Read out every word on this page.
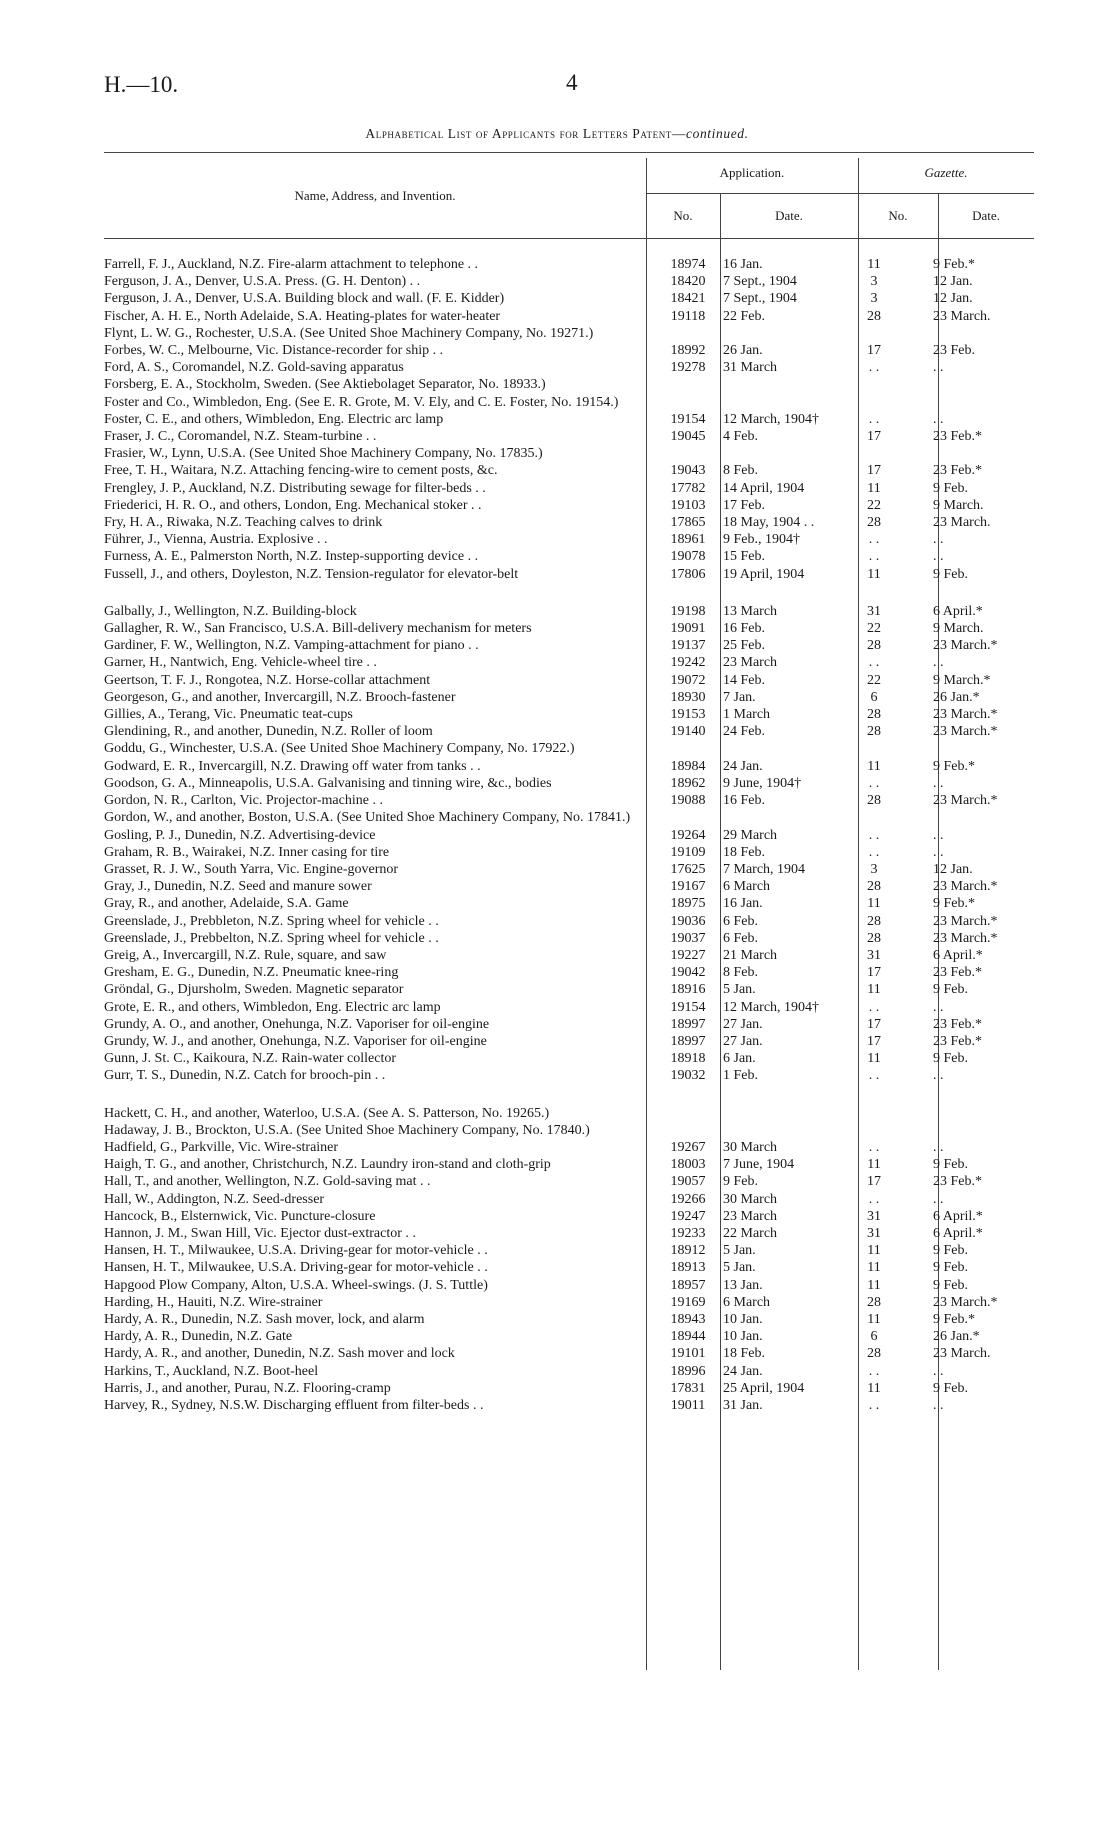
H.—10.	4
Alphabetical List of Applicants for Letters Patent—continued.
Name, Address, and Invention.
Application.	Gazette.
No.	Date.	No.	Date.
Farrell, F. J., Auckland, N.Z. Fire-alarm attachment to telephone . .	18974	16 Jan.	11	9 Feb.*
Ferguson, J. A., Denver, U.S.A. Press. (G. H. Denton) . .	18420	7 Sept., 1904	3	12 Jan.
Ferguson, J. A., Denver, U.S.A. Building block and wall. (F. E. Kidder)	18421	7 Sept., 1904	3	12 Jan.
Fischer, A. H. E., North Adelaide, S.A. Heating-plates for water-heater	19118	22 Feb.	28	23 March.
Flynt, L. W. G., Rochester, U.S.A. (See United Shoe Machinery Company, No. 19271.)
Forbes, W. C., Melbourne, Vic. Distance-recorder for ship . .	18992	26 Jan.	17	23 Feb.
Ford, A. S., Coromandel, N.Z. Gold-saving apparatus	19278	31 March	. .	. .
Forsberg, E. A., Stockholm, Sweden. (See Aktiebolaget Separator, No. 18933.)
Foster and Co., Wimbledon, Eng. (See E. R. Grote, M. V. Ely, and C. E. Foster, No. 19154.)
Foster, C. E., and others, Wimbledon, Eng. Electric arc lamp	19154	12 March, 1904†	. .	. .
Fraser, J. C., Coromandel, N.Z. Steam-turbine . .	19045	4 Feb.	17	23 Feb.*
Frasier, W., Lynn, U.S.A. (See United Shoe Machinery Company, No. 17835.)
Free, T. H., Waitara, N.Z. Attaching fencing-wire to cement posts, &c.	19043	8 Feb.	17	23 Feb.*
Frengley, J. P., Auckland, N.Z. Distributing sewage for filter-beds . .	17782	14 April, 1904	11	9 Feb.
Friederici, H. R. O., and others, London, Eng. Mechanical stoker . .	19103	17 Feb.	22	9 March.
Fry, H. A., Riwaka, N.Z. Teaching calves to drink	17865	18 May, 1904 . .	28	23 March.
Führer, J., Vienna, Austria. Explosive . .	18961	9 Feb., 1904†	. .	. .
Furness, A. E., Palmerston North, N.Z. Instep-supporting device . .	19078	15 Feb.	. .	. .
Fussell, J., and others, Doyleston, N.Z. Tension-regulator for elevator-belt	17806	19 April, 1904	11	9 Feb.
Galbally, J., Wellington, N.Z. Building-block	19198	13 March	31	6 April.*
Gallagher, R. W., San Francisco, U.S.A. Bill-delivery mechanism for meters	19091	16 Feb.	22	9 March.
Gardiner, F. W., Wellington, N.Z. Vamping-attachment for piano . .	19137	25 Feb.	28	23 March.*
Garner, H., Nantwich, Eng. Vehicle-wheel tire . .	19242	23 March	. .	. .
Geertson, T. F. J., Rongotea, N.Z. Horse-collar attachment	19072	14 Feb.	22	9 March.*
Georgeson, G., and another, Invercargill, N.Z. Brooch-fastener	18930	7 Jan.	6	26 Jan.*
Gillies, A., Terang, Vic. Pneumatic teat-cups	19153	1 March	28	23 March.*
Glendining, R., and another, Dunedin, N.Z. Roller of loom	19140	24 Feb.	28	23 March.*
Goddu, G., Winchester, U.S.A. (See United Shoe Machinery Company, No. 17922.)
Godward, E. R., Invercargill, N.Z. Drawing off water from tanks . .	18984	24 Jan.	11	9 Feb.*
Goodson, G. A., Minneapolis, U.S.A. Galvanising and tinning wire, &c., bodies	18962	9 June, 1904†	. .	. .
Gordon, N. R., Carlton, Vic. Projector-machine . .	19088	16 Feb.	28	23 March.*
Gordon, W., and another, Boston, U.S.A. (See United Shoe Machinery Company, No. 17841.)
Gosling, P. J., Dunedin, N.Z. Advertising-device	19264	29 March	. .	. .
Graham, R. B., Wairakei, N.Z. Inner casing for tire	19109	18 Feb.	. .	. .
Grasset, R. J. W., South Yarra, Vic. Engine-governor	17625	7 March, 1904	3	12 Jan.
Gray, J., Dunedin, N.Z. Seed and manure sower	19167	6 March	28	23 March.*
Gray, R., and another, Adelaide, S.A. Game	18975	16 Jan.	11	9 Feb.*
Greenslade, J., Prebbleton, N.Z. Spring wheel for vehicle . .	19036	6 Feb.	28	23 March.*
Greenslade, J., Prebbelton, N.Z. Spring wheel for vehicle . .	19037	6 Feb.	28	23 March.*
Greig, A., Invercargill, N.Z. Rule, square, and saw	19227	21 March	31	6 April.*
Gresham, E. G., Dunedin, N.Z. Pneumatic knee-ring	19042	8 Feb.	17	23 Feb.*
Gröndal, G., Djursholm, Sweden. Magnetic separator	18916	5 Jan.	11	9 Feb.
Grote, E. R., and others, Wimbledon, Eng. Electric arc lamp	19154	12 March, 1904†	. .	. .
Grundy, A. O., and another, Onehunga, N.Z. Vaporiser for oil-engine	18997	27 Jan.	17	23 Feb.*
Grundy, W. J., and another, Onehunga, N.Z. Vaporiser for oil-engine	18997	27 Jan.	17	23 Feb.*
Gunn, J. St. C., Kaikoura, N.Z. Rain-water collector	18918	6 Jan.	11	9 Feb.
Gurr, T. S., Dunedin, N.Z. Catch for brooch-pin . .	19032	1 Feb.	. .	. .
Hackett, C. H., and another, Waterloo, U.S.A. (See A. S. Patterson, No. 19265.)
Hadaway, J. B., Brockton, U.S.A. (See United Shoe Machinery Company, No. 17840.)
Hadfield, G., Parkville, Vic. Wire-strainer	19267	30 March	. .	. .
Haigh, T. G., and another, Christchurch, N.Z. Laundry iron-stand and cloth-grip	18003	7 June, 1904	11	9 Feb.
Hall, T., and another, Wellington, N.Z. Gold-saving mat . .	19057	9 Feb.	17	23 Feb.*
Hall, W., Addington, N.Z. Seed-dresser	19266	30 March	. .	. .
Hancock, B., Elsternwick, Vic. Puncture-closure	19247	23 March	31	6 April.*
Hannon, J. M., Swan Hill, Vic. Ejector dust-extractor . .	19233	22 March	31	6 April.*
Hansen, H. T., Milwaukee, U.S.A. Driving-gear for motor-vehicle . .	18912	5 Jan.	11	9 Feb.
Hansen, H. T., Milwaukee, U.S.A. Driving-gear for motor-vehicle . .	18913	5 Jan.	11	9 Feb.
Hapgood Plow Company, Alton, U.S.A. Wheel-swings. (J. S. Tuttle)	18957	13 Jan.	11	9 Feb.
Harding, H., Hauiti, N.Z. Wire-strainer	19169	6 March	28	23 March.*
Hardy, A. R., Dunedin, N.Z. Sash mover, lock, and alarm	18943	10 Jan.	11	9 Feb.*
Hardy, A. R., Dunedin, N.Z. Gate	18944	10 Jan.	6	26 Jan.*
Hardy, A. R., and another, Dunedin, N.Z. Sash mover and lock	19101	18 Feb.	28	23 March.
Harkins, T., Auckland, N.Z. Boot-heel	18996	24 Jan.	. .	. .
Harris, J., and another, Purau, N.Z. Flooring-cramp	17831	25 April, 1904	11	9 Feb.
Harvey, R., Sydney, N.S.W. Discharging effluent from filter-beds . .	19011	31 Jan.	. .	. .
